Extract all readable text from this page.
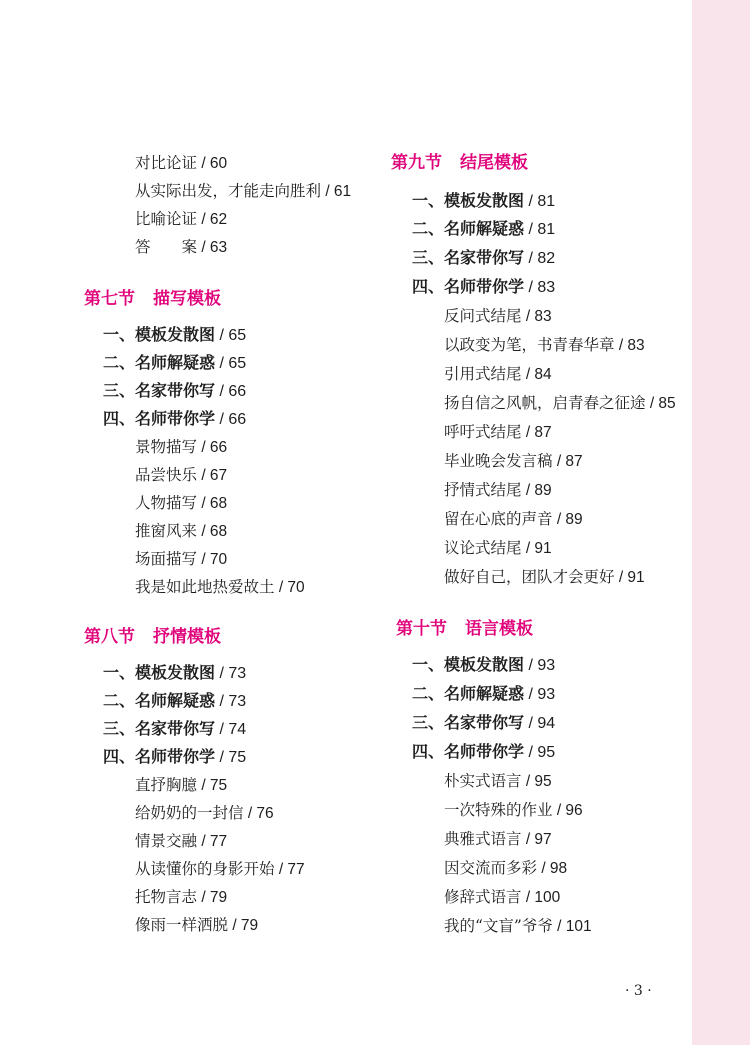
对比论证 / 60
从实际出发，才能走向胜利 / 61
比喻论证 / 62
答　　案 / 63
第七节 描写模板
一、模板发散图 / 65
二、名师解疑惑 / 65
三、名家带你写 / 66
四、名师带你学 / 66
景物描写 / 66
品尝快乐 / 67
人物描写 / 68
推窗风来 / 68
场面描写 / 70
我是如此地热爱故土 / 70
第八节 抒情模板
一、模板发散图 / 73
二、名师解疑惑 / 73
三、名家带你写 / 74
四、名师带你学 / 75
直抒胸臆 / 75
给奶奶的一封信 / 76
情景交融 / 77
从读懂你的身影开始 / 77
托物言志 / 79
像雨一样洒脱 / 79
第九节 结尾模板
一、模板发散图 / 81
二、名师解疑惑 / 81
三、名家带你写 / 82
四、名师带你学 / 83
反问式结尾 / 83
以政变为笔，书青春华章 / 83
引用式结尾 / 84
扬自信之风帆，启青春之征途 / 85
呼吁式结尾 / 87
毕业晚会发言稿 / 87
抒情式结尾 / 89
留在心底的声音 / 89
议论式结尾 / 91
做好自己，团队才会更好 / 91
第十节 语言模板
一、模板发散图 / 93
二、名师解疑惑 / 93
三、名家带你写 / 94
四、名师带你学 / 95
朴实式语言 / 95
一次特殊的作业 / 96
典雅式语言 / 97
因交流而多彩 / 98
修辞式语言 / 100
我的“文盲”爷爷 / 101
· 3 ·
